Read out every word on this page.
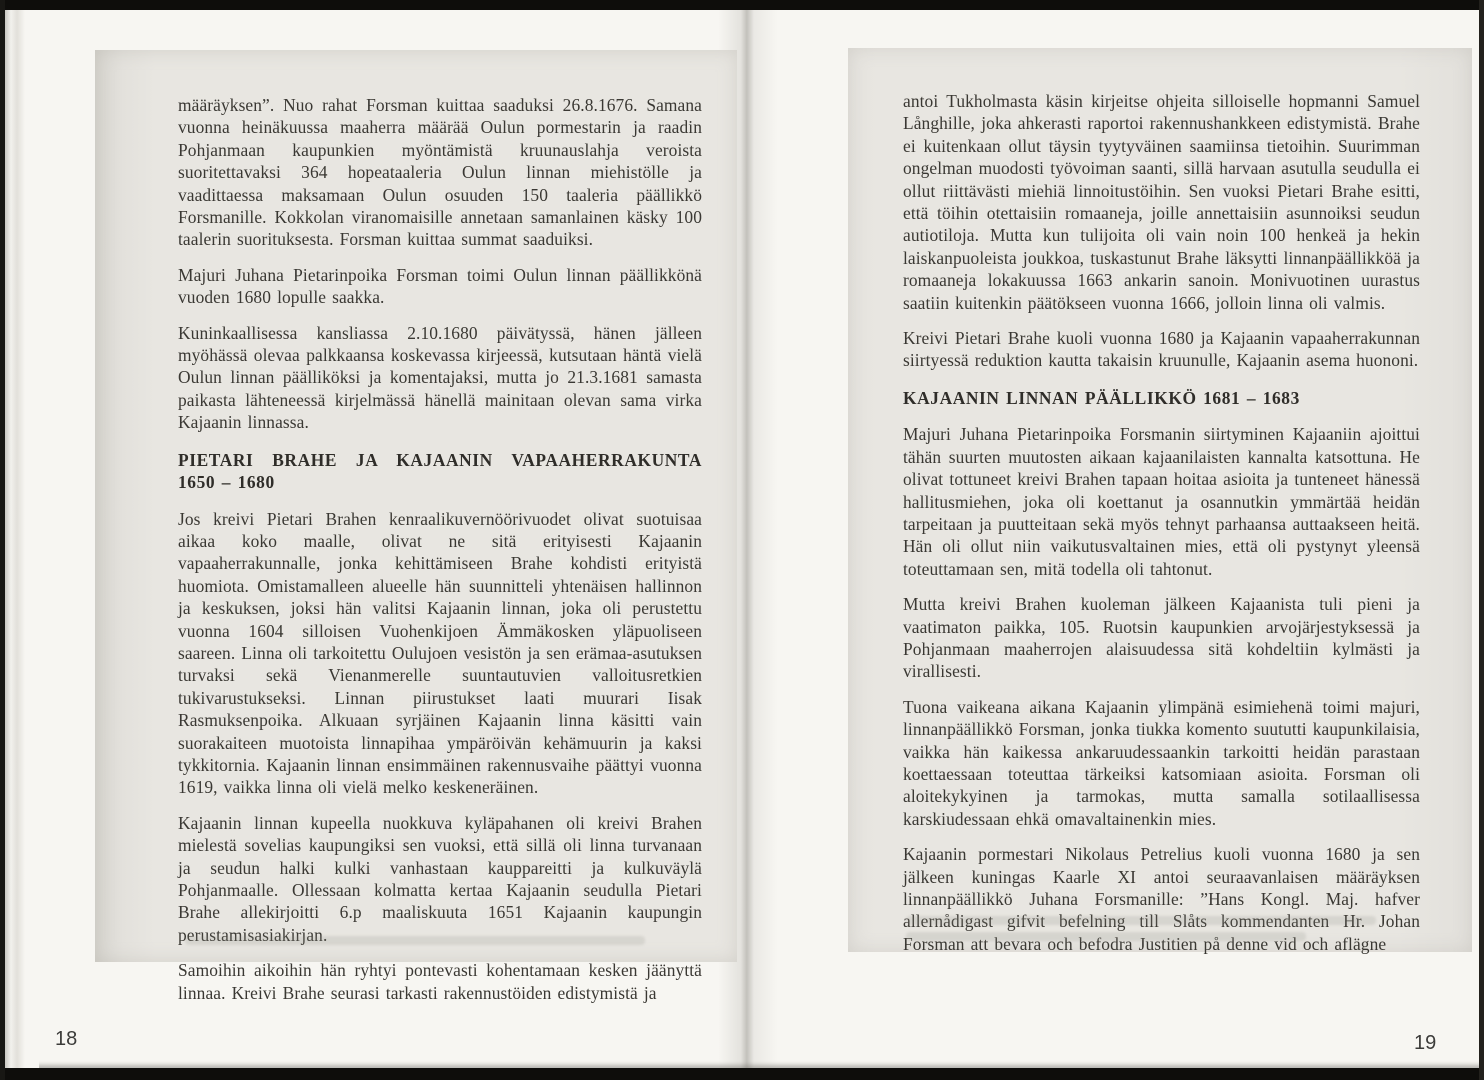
määräyksen”. Nuo rahat Forsman kuittaa saaduksi 26.8.1676. Samana vuonna heinäkuussa maaherra määrää Oulun pormestarin ja raadin Pohjanmaan kaupunkien myöntämistä kruunauslahja veroista suoritettavaksi 364 hopeataaleria Oulun linnan miehistölle ja vaadittaessa maksamaan Oulun osuuden 150 taaleria päällikkö Forsmanille. Kokkolan viranomaisille annetaan samanlainen käsky 100 taalerin suorituksesta. Forsman kuittaa summat saaduiksi.

Majuri Juhana Pietarinpoika Forsman toimi Oulun linnan päällikkönä vuoden 1680 lopulle saakka.

Kuninkaallisessa kansliassa 2.10.1680 päivätyssä, hänen jälleen myöhässä olevaa palkkaansa koskevassa kirjeessä, kutsutaan häntä vielä Oulun linnan päälliköksi ja komentajaksi, mutta jo 21.3.1681 samasta paikasta lähteneessä kirjelmässä hänellä mainitaan olevan sama virka Kajaanin linnassa.

PIETARI BRAHE JA KAJAANIN VAPAAHERRAKUNTA
1650 – 1680

Jos kreivi Pietari Brahen kenraalikuvernöörivuodet olivat suotuisaa aikaa koko maalle, olivat ne sitä erityisesti Kajaanin vapaaherrakunnalle, jonka kehittämiseen Brahe kohdisti erityistä huomiota. Omistamalleen alueelle hän suunnitteli yhtenäisen hallinnon ja keskuksen, joksi hän valitsi Kajaanin linnan, joka oli perustettu vuonna 1604 silloisen Vuohenkijoen Ämmäkosken yläpuoliseen saareen. Linna oli tarkoitettu Oulujoen vesistön ja sen erämaa-asutuksen turvaksi sekä Vienanmerelle suuntautuvien valloitusretkien tukivarustukseksi. Linnan piirustukset laati muurari Iisak Rasmuksenpoika. Alkuaan syrjäinen Kajaanin linna käsitti vain suorakaiteen muotoista linnapihaa ympäröivän kehämuurin ja kaksi tykkitornia. Kajaanin linnan ensimmäinen rakennusvaihe päättyi vuonna 1619, vaikka linna oli vielä melko keskeneräinen.

Kajaanin linnan kupeella nuokkuva kyläpahanen oli kreivi Brahen mielestä sovelias kaupungiksi sen vuoksi, että sillä oli linna turvanaan ja seudun halki kulki vanhastaan kauppareitti ja kulkuväylä Pohjanmaalle. Ollessaan kolmatta kertaa Kajaanin seudulla Pietari Brahe allekirjoitti 6.p maaliskuuta 1651 Kajaanin kaupungin perustamisasiakirjan.

Samoihin aikoihin hän ryhtyi pontevasti kohentamaan kesken jäänyttä linnaa. Kreivi Brahe seurasi tarkasti rakennustöiden edistymistä ja

antoi Tukholmasta käsin kirjeitse ohjeita silloiselle hopmanni Samuel Långhille, joka ahkerasti raportoi rakennushankkeen edistymistä. Brahe ei kuitenkaan ollut täysin tyytyväinen saamiinsa tietoihin. Suurimman ongelman muodosti työvoiman saanti, sillä harvaan asutulla seudulla ei ollut riittävästi miehiä linnoitustöihin. Sen vuoksi Pietari Brahe esitti, että töihin otettaisiin romaaneja, joille annettaisiin asunnoiksi seudun autiotiloja. Mutta kun tulijoita oli vain noin 100 henkeä ja hekin laiskanpuoleista joukkoa, tuskastunut Brahe läksytti linnanpäällikköä ja romaaneja lokakuussa 1663 ankarin sanoin. Monivuotinen uurastus saatiin kuitenkin päätökseen vuonna 1666, jolloin linna oli valmis.

Kreivi Pietari Brahe kuoli vuonna 1680 ja Kajaanin vapaaherrakunnan siirtyessä reduktion kautta takaisin kruunulle, Kajaanin asema huononi.

KAJAANIN LINNAN PÄÄLLIKKÖ 1681 – 1683

Majuri Juhana Pietarinpoika Forsmanin siirtyminen Kajaaniin ajoittui tähän suurten muutosten aikaan kajaanilaisten kannalta katsottuna. He olivat tottuneet kreivi Brahen tapaan hoitaa asioita ja tunteneet hänessä hallitusmiehen, joka oli koettanut ja osannutkin ymmärtää heidän tarpeitaan ja puutteitaan sekä myös tehnyt parhaansa auttaakseen heitä. Hän oli ollut niin vaikutusvaltainen mies, että oli pystynyt yleensä toteuttamaan sen, mitä todella oli tahtonut.

Mutta kreivi Brahen kuoleman jälkeen Kajaanista tuli pieni ja vaatimaton paikka, 105. Ruotsin kaupunkien arvojärjestyksessä ja Pohjanmaan maaherrojen alaisuudessa sitä kohdeltiin kylmästi ja virallisesti.

Tuona vaikeana aikana Kajaanin ylimpänä esimiehenä toimi majuri, linnanpäällikkö Forsman, jonka tiukka komento suututti kaupunkilaisia, vaikka hän kaikessa ankaruudessaankin tarkoitti heidän parastaan koettaessaan toteuttaa tärkeiksi katsomiaan asioita. Forsman oli aloitekykyinen ja tarmokas, mutta samalla sotilaallisessa karskiudessaan ehkä omavaltainenkin mies.

Kajaanin pormestari Nikolaus Petrelius kuoli vuonna 1680 ja sen jälkeen kuningas Kaarle XI antoi seuraavanlaisen määräyksen linnanpäällikkö Juhana Forsmanille: ”Hans Kongl. Maj. hafver allernådigast gifvit befelning till Slåts kommendanten Hr. Johan Forsman att bevara och befodra Justitien på denne vid och aflägne

18	19
